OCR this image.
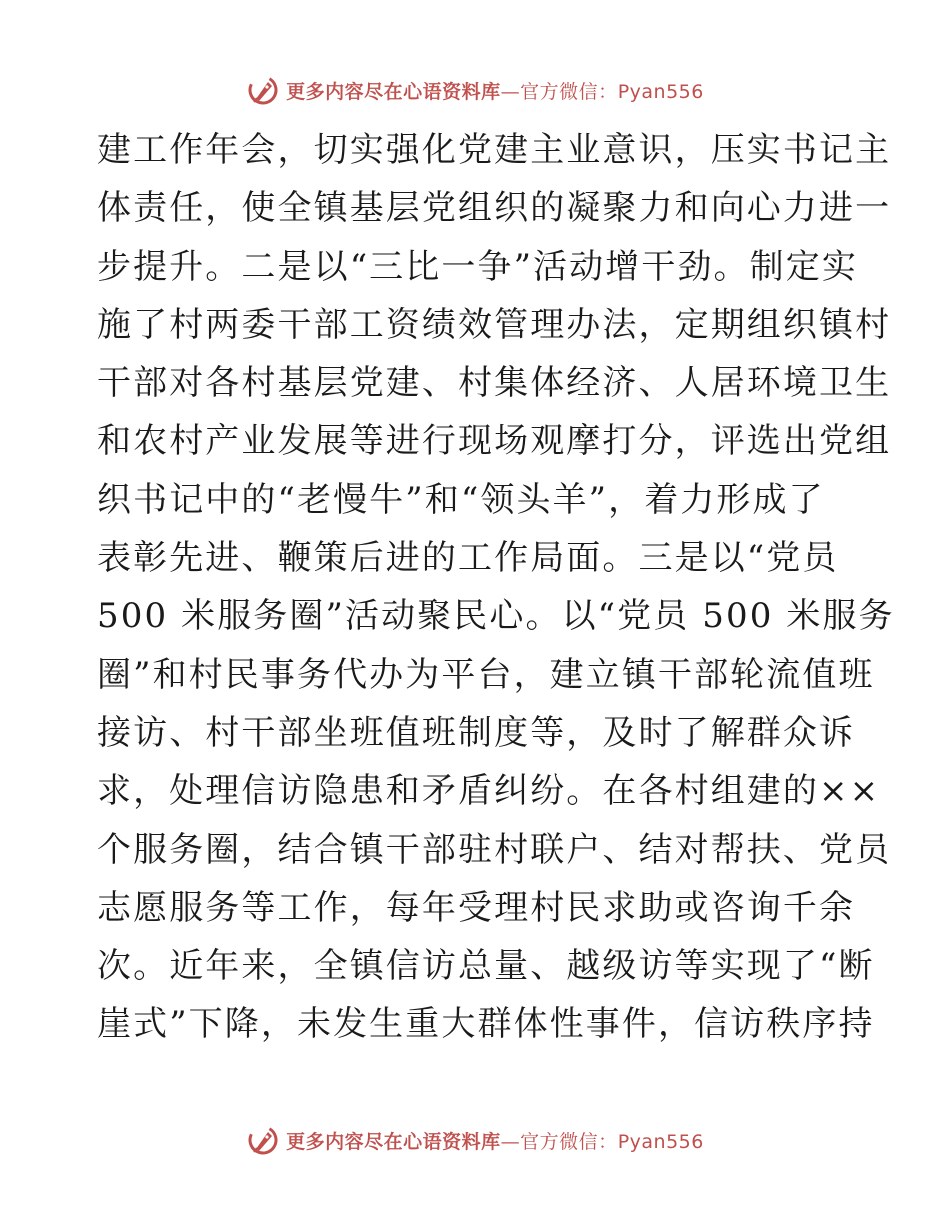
更多内容尽在心语资料库—官方微信：Pyan556
建工作年会，切实强化党建主业意识，压实书记主
体责任，使全镇基层党组织的凝聚力和向心力进一
步提升。二是以“三比一争”活动增干劲。制定实
施了村两委干部工资绩效管理办法，定期组织镇村
干部对各村基层党建、村集体经济、人居环境卫生
和农村产业发展等进行现场观摩打分，评选出党组
织书记中的“老慢牛”和“领头羊”，着力形成了
表彰先进、鞭策后进的工作局面。三是以“党员
500 米服务圈”活动聚民心。以“党员 500 米服务
圈”和村民事务代办为平台，建立镇干部轮流值班
接访、村干部坐班值班制度等，及时了解群众诉
求，处理信访隐患和矛盾纠纷。在各村组建的××
个服务圈，结合镇干部驻村联户、结对帮扶、党员
志愿服务等工作，每年受理村民求助或咨询千余
次。近年来，全镇信访总量、越级访等实现了“断
崖式”下降，未发生重大群体性事件，信访秩序持
更多内容尽在心语资料库—官方微信：Pyan556
